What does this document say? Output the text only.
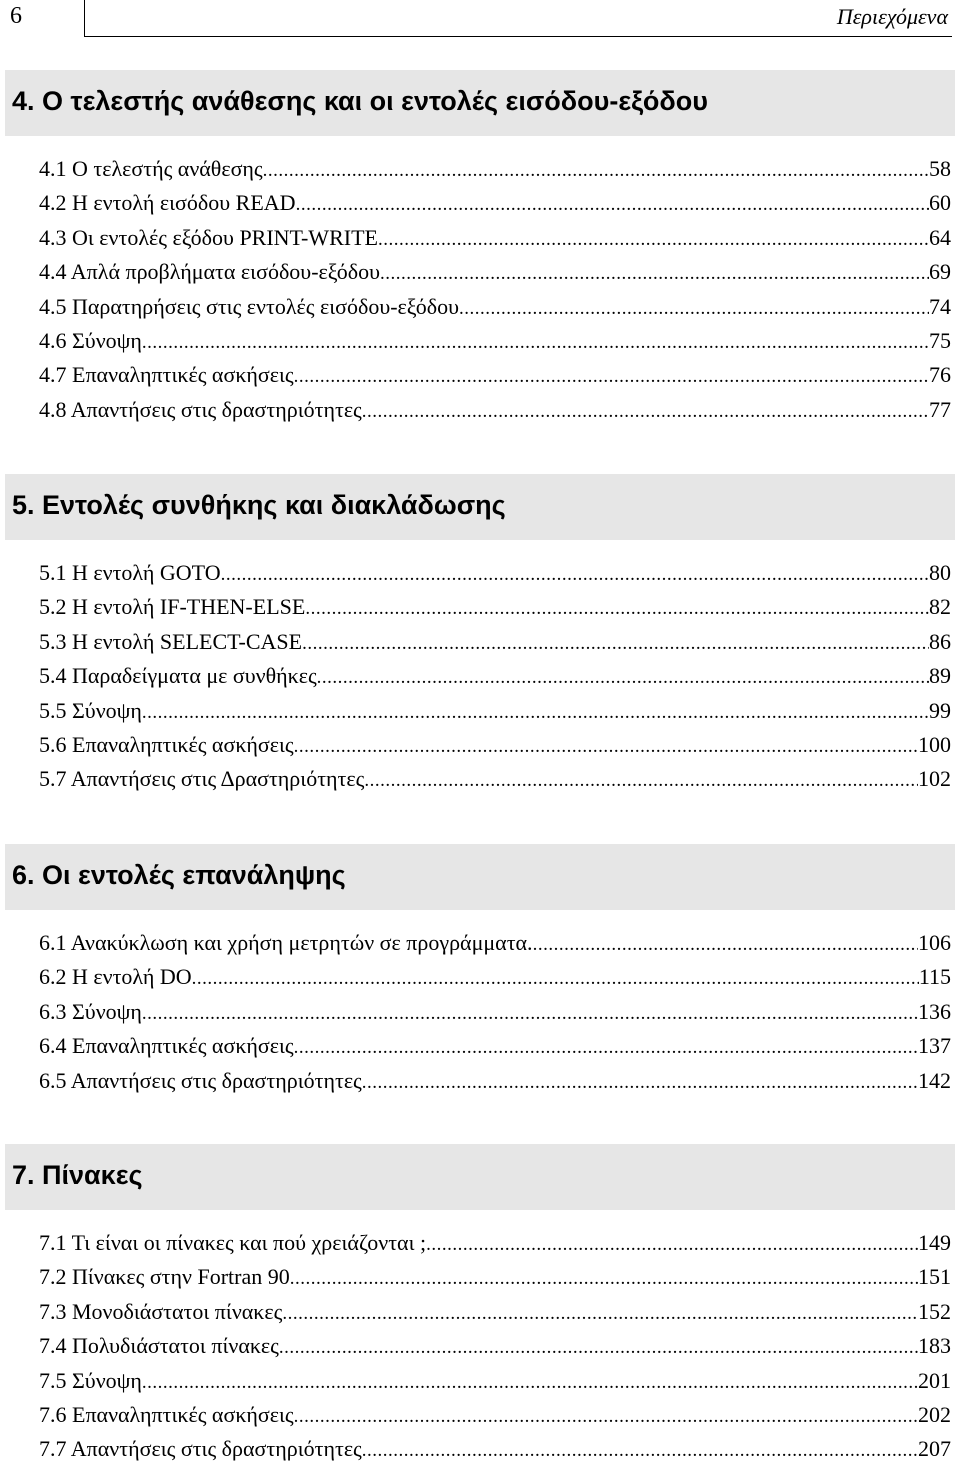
6	Περιεχόμενα
4. Ο τελεστής ανάθεσης και οι εντολές εισόδου-εξόδου
4.1 Ο τελεστής ανάθεσης .....	58
4.2 Η εντολή εισόδου READ .....	60
4.3 Οι εντολές εξόδου PRINT-WRITE .....	64
4.4 Απλά προβλήματα εισόδου-εξόδου .....	69
4.5 Παρατηρήσεις στις εντολές εισόδου-εξόδου .....	74
4.6 Σύνοψη .....	75
4.7 Επαναληπτικές ασκήσεις .....	76
4.8 Απαντήσεις στις δραστηριότητες .....	77
5. Εντολές συνθήκης και διακλάδωσης
5.1 Η εντολή GOTO .....	80
5.2 Η εντολή IF-THEN-ELSE .....	82
5.3 Η εντολή SELECT-CASE .....	86
5.4 Παραδείγματα με συνθήκες .....	89
5.5 Σύνοψη .....	99
5.6 Επαναληπτικές ασκήσεις .....	100
5.7 Απαντήσεις στις Δραστηριότητες .....	102
6. Οι εντολές επανάληψης
6.1 Ανακύκλωση και χρήση μετρητών σε προγράμματα. .....	106
6.2 Η εντολή DO .....	115
6.3 Σύνοψη .....	136
6.4 Επαναληπτικές ασκήσεις .....	137
6.5 Απαντήσεις στις δραστηριότητες .....	142
7. Πίνακες
7.1 Τι είναι οι πίνακες και πού χρειάζονται ; .....	149
7.2 Πίνακες στην Fortran 90 .....	151
7.3 Μονοδιάστατοι πίνακες .....	152
7.4 Πολυδιάστατοι πίνακες .....	183
7.5 Σύνοψη .....	201
7.6 Επαναληπτικές ασκήσεις .....	202
7.7 Απαντήσεις στις δραστηριότητες .....	207
